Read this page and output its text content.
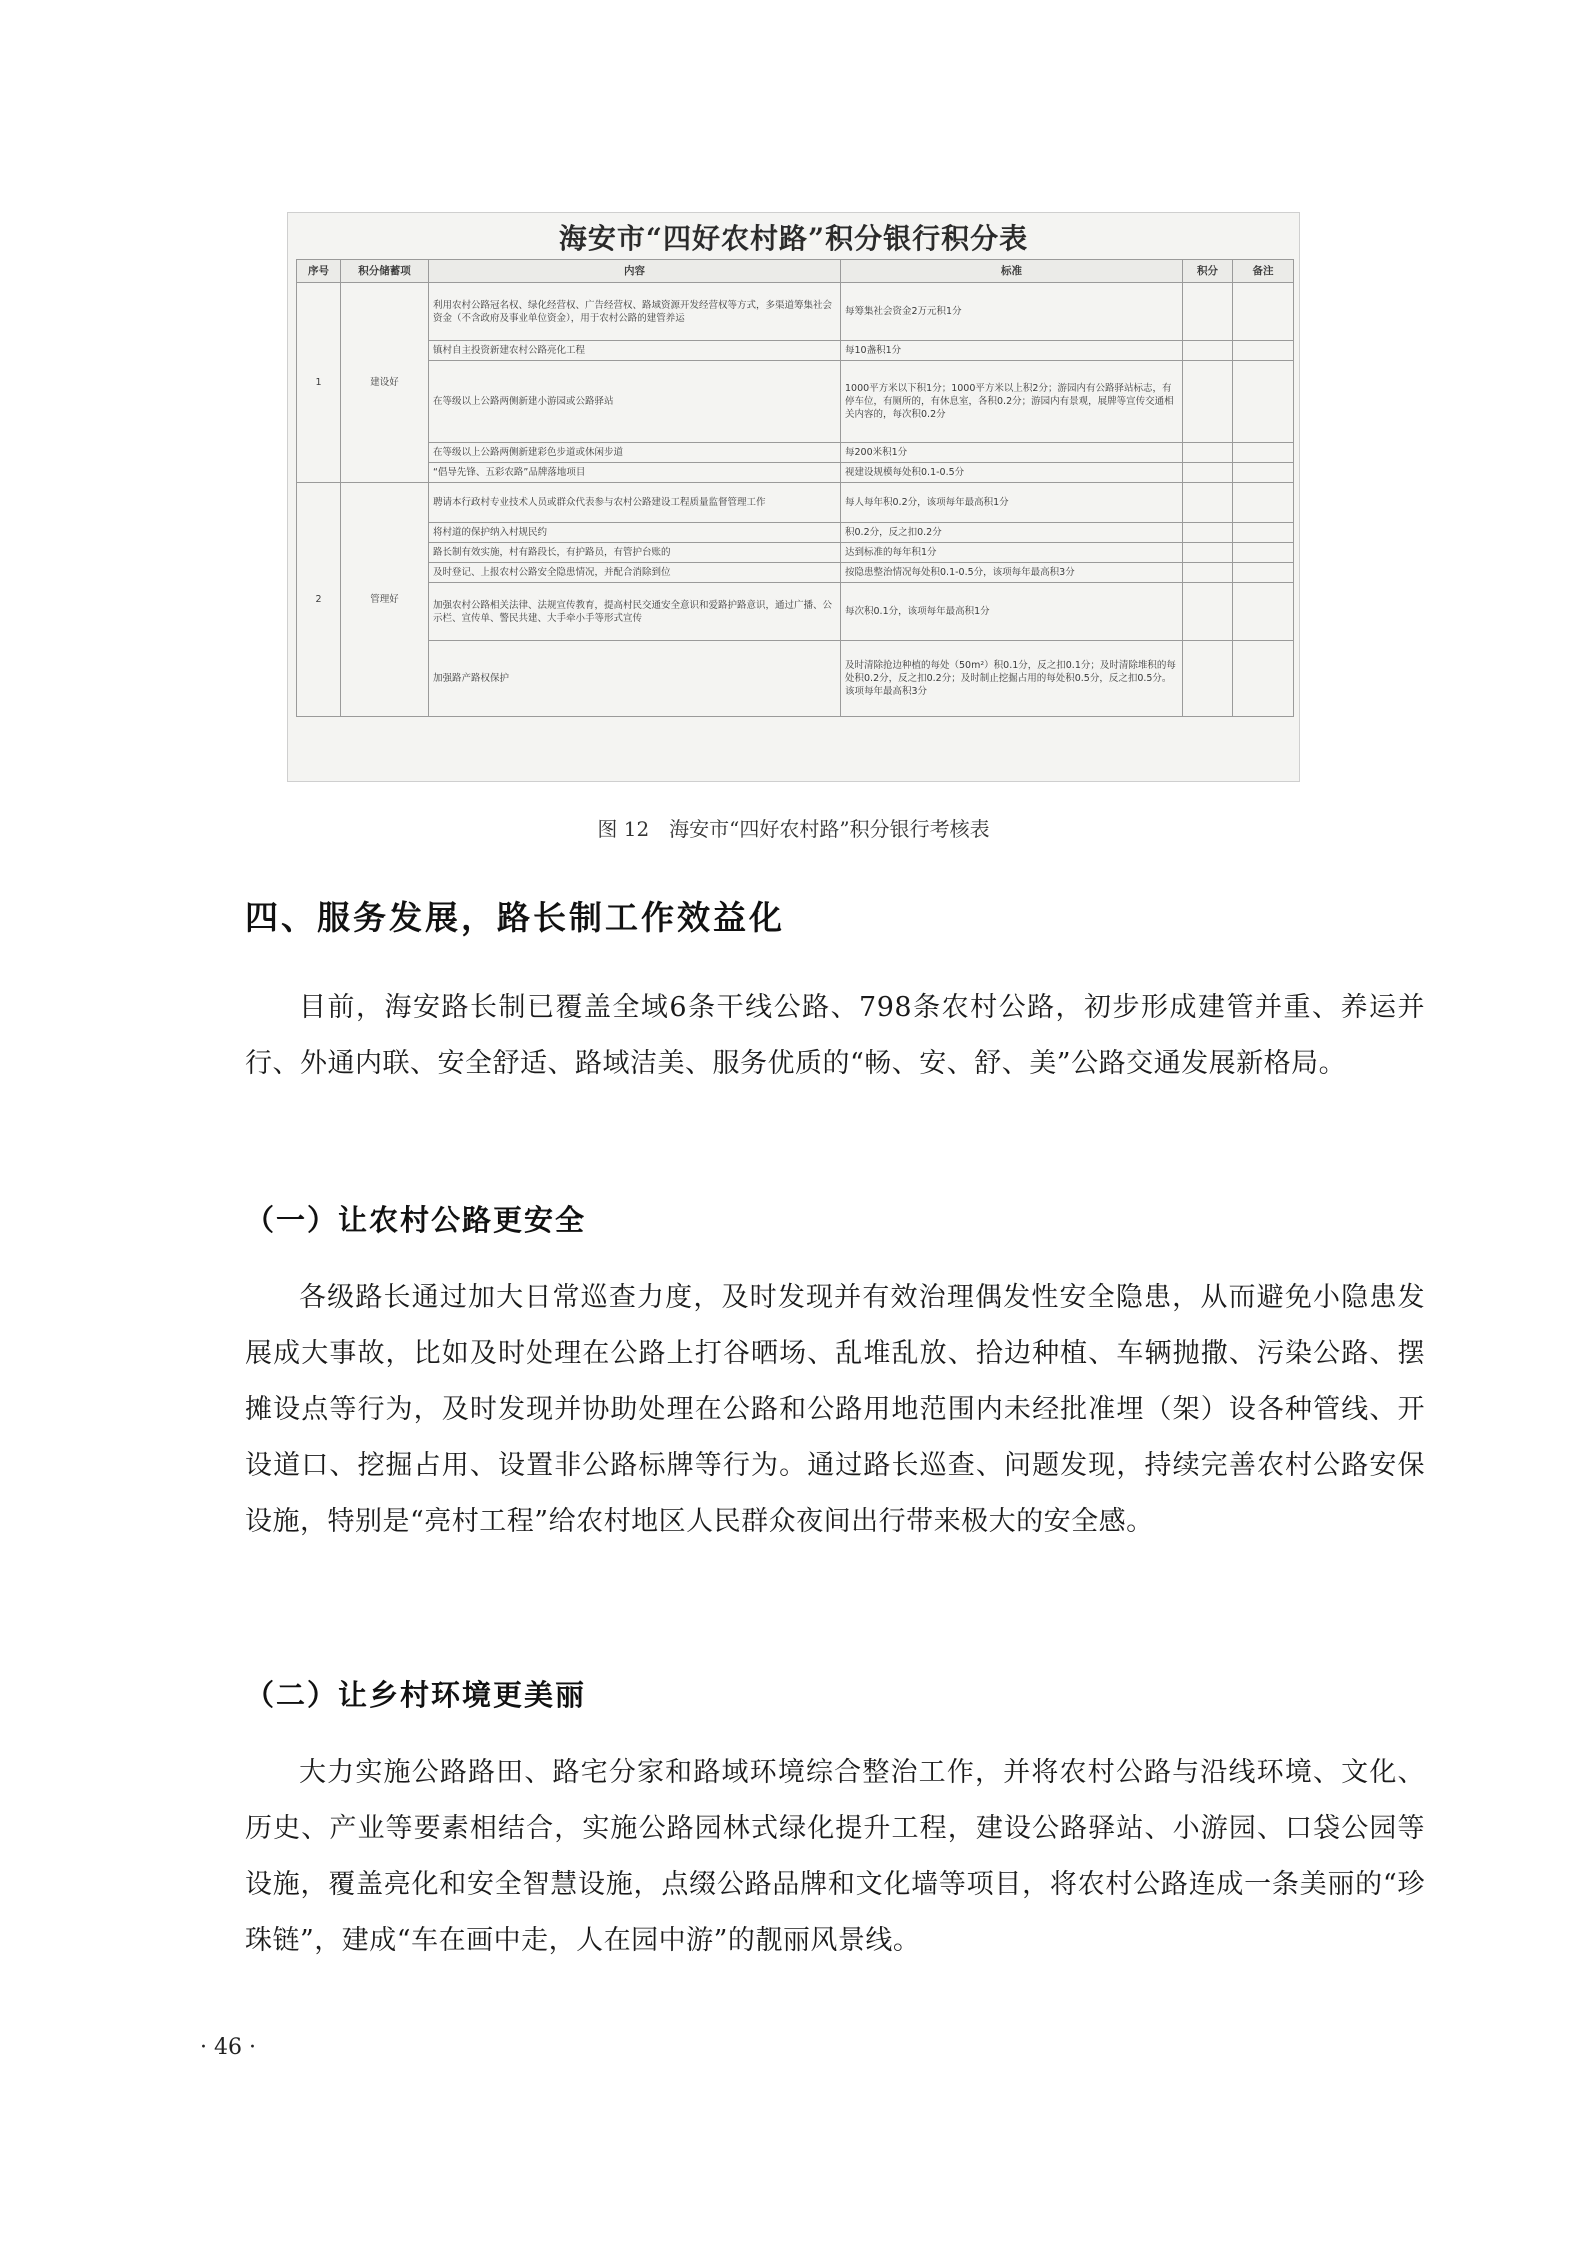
海安市“四好农村路”积分银行积分表
序号	积分储蓄项	内容	标准	积分	备注
1	建设好	利用农村公路冠名权、绿化经营权、广告经营权、路域资源开发经营权等方式，多渠道筹集社会资金（不含政府及事业单位资金），用于农村公路的建管养运	每筹集社会资金2万元积1分		
		镇村自主投资新建农村公路亮化工程	每10盏积1分		
		在等级以上公路两侧新建小游园或公路驿站	1000平方米以下积1分；1000平方米以上积2分；游园内有公路驿站标志，有停车位，有厕所的，有休息室，各积0.2分；游园内有景观，展牌等宣传交通相关内容的，每次积0.2分		
		在等级以上公路两侧新建彩色步道或休闲步道	每200米积1分		
		“倡导先锋、五彩农路”品牌落地项目	视建设规模每处积0.1-0.5分		
2	管理好	聘请本行政村专业技术人员或群众代表参与农村公路建设工程质量监督管理工作	每人每年积0.2分，该项每年最高积1分		
		将村道的保护纳入村规民约	积0.2分，反之扣0.2分		
		路长制有效实施，村有路段长，有护路员，有管护台账的	达到标准的每年积1分		
		及时登记、上报农村公路安全隐患情况，并配合消除到位	按隐患整治情况每处积0.1-0.5分，该项每年最高积3分		
		加强农村公路相关法律、法规宣传教育，提高村民交通安全意识和爱路护路意识，通过广播、公示栏、宣传单、警民共建、大手牵小手等形式宣传	每次积0.1分，该项每年最高积1分		
		加强路产路权保护	及时清除抢边种植的每处（50m²）积0.1分，反之扣0.1分；及时清除堆积的每处积0.2分，反之扣0.2分；及时制止挖掘占用的每处积0.5分，反之扣0.5分。该项每年最高积3分		
图 12　海安市“四好农村路”积分银行考核表
四、服务发展，路长制工作效益化

目前，海安路长制已覆盖全域6条干线公路、798条农村公路，初步形成建管并重、养运并行、外通内联、安全舒适、路域洁美、服务优质的“畅、安、舒、美”公路交通发展新格局。

（一）让农村公路更安全

各级路长通过加大日常巡查力度，及时发现并有效治理偶发性安全隐患，从而避免小隐患发展成大事故，比如及时处理在公路上打谷晒场、乱堆乱放、拾边种植、车辆抛撒、污染公路、摆摊设点等行为，及时发现并协助处理在公路和公路用地范围内未经批准埋（架）设各种管线、开设道口、挖掘占用、设置非公路标牌等行为。通过路长巡查、问题发现，持续完善农村公路安保设施，特别是“亮村工程”给农村地区人民群众夜间出行带来极大的安全感。

（二）让乡村环境更美丽

大力实施公路路田、路宅分家和路域环境综合整治工作，并将农村公路与沿线环境、文化、历史、产业等要素相结合，实施公路园林式绿化提升工程，建设公路驿站、小游园、口袋公园等设施，覆盖亮化和安全智慧设施，点缀公路品牌和文化墙等项目，将农村公路连成一条美丽的“珍珠链”，建成“车在画中走，人在园中游”的靓丽风景线。

· 46 ·
